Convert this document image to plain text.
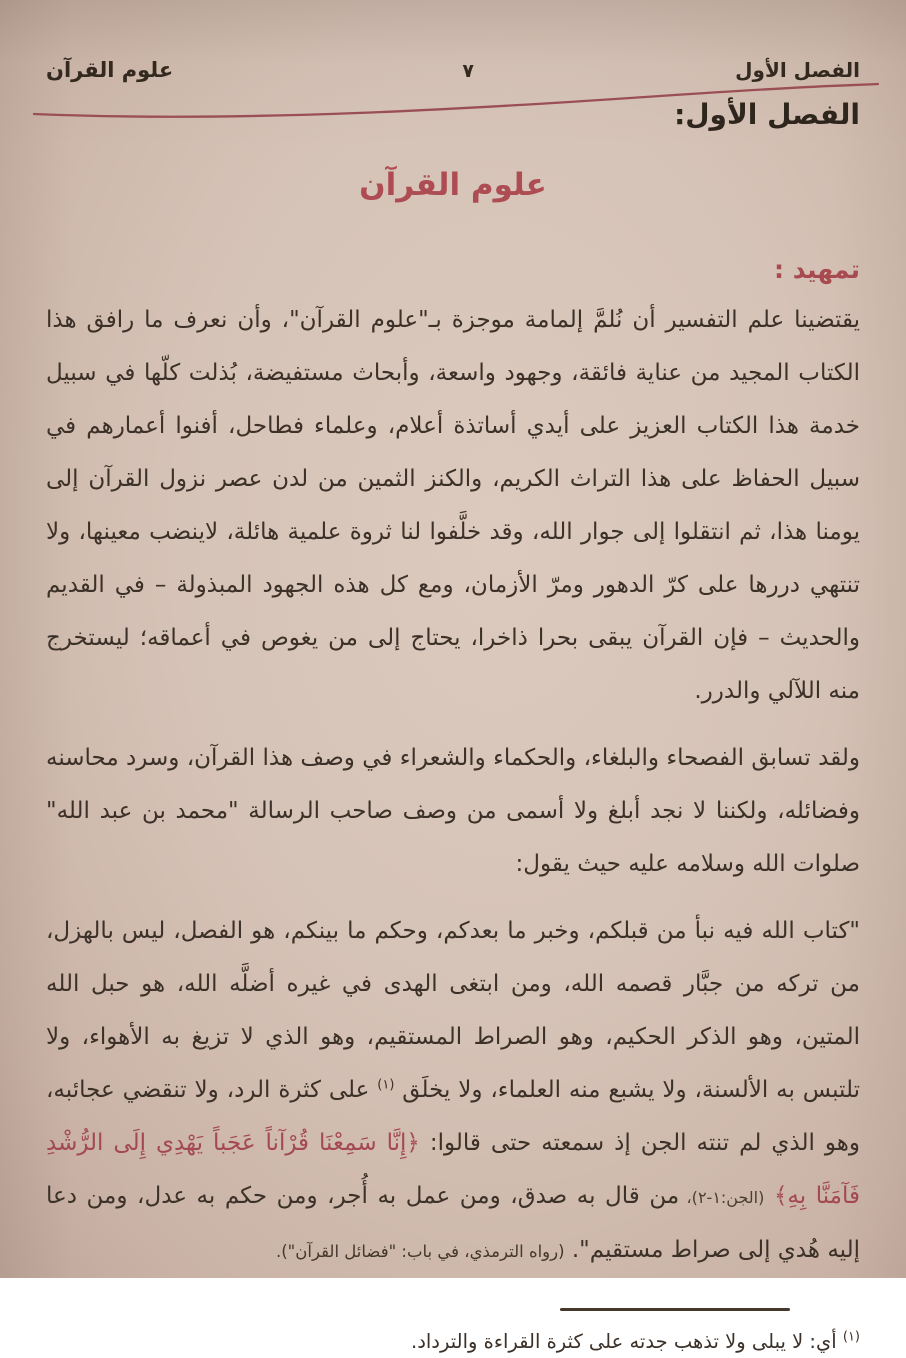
الفصل الأول
٧
علوم القرآن
الفصل الأول:
علوم القرآن
تمهيد :

يقتضينا علم التفسير أن نُلمَّ إلمامة موجزة بـ"علوم القرآن"، وأن نعرف ما رافق هذا الكتاب المجيد من عناية فائقة، وجهود واسعة، وأبحاث مستفيضة، بُذلت كلّها في سبيل خدمة هذا الكتاب العزيز على أيدي أساتذة أعلام، وعلماء فطاحل، أفنوا أعمارهم في سبيل الحفاظ على هذا التراث الكريم، والكنز الثمين من لدن عصر نزول القرآن إلى يومنا هذا، ثم انتقلوا إلى جوار الله، وقد خلَّفوا لنا ثروة علمية هائلة، لاينضب معينها، ولا تنتهي دررها على كرّ الدهور ومرّ الأزمان، ومع كل هذه الجهود المبذولة – في القديم والحديث – فإن القرآن يبقى بحرا ذاخرا، يحتاج إلى من يغوص في أعماقه؛ ليستخرج منه اللآلي والدرر.

ولقد تسابق الفصحاء والبلغاء، والحكماء والشعراء في وصف هذا القرآن، وسرد محاسنه وفضائله، ولكننا لا نجد أبلغ ولا أسمى من وصف صاحب الرسالة "محمد بن عبد الله" صلوات الله وسلامه عليه حيث يقول:

"كتاب الله فيه نبأ من قبلكم، وخبر ما بعدكم، وحكم ما بينكم، هو الفصل، ليس بالهزل، من تركه من جبَّار قصمه الله، ومن ابتغى الهدى في غيره أضلَّه الله، هو حبل الله المتين، وهو الذكر الحكيم، وهو الصراط المستقيم، وهو الذي لا تزيغ به الأهواء، ولا تلتبس به الألسنة، ولا يشبع منه العلماء، ولا يخلَق $^{(١)}$ على كثرة الرد، ولا تنقضي عجائبه، وهو الذي لم تنته الجن إذ سمعته حتى قالوا: ﴿إِنَّا سَمِعْنَا قُرْآناً عَجَباً يَهْدِي إِلَى الرُّشْدِ فَآمَنَّا بِهِ﴾ (الجن:١-٢)، من قال به صدق، ومن عمل به أُجر، ومن حكم به عدل، ومن دعا إليه هُدي إلى صراط مستقيم". (رواه الترمذي، في باب: "فضائل القرآن").

$^{(١)}$ أي: لا يبلى ولا تذهب جدته على كثرة القراءة والترداد.
